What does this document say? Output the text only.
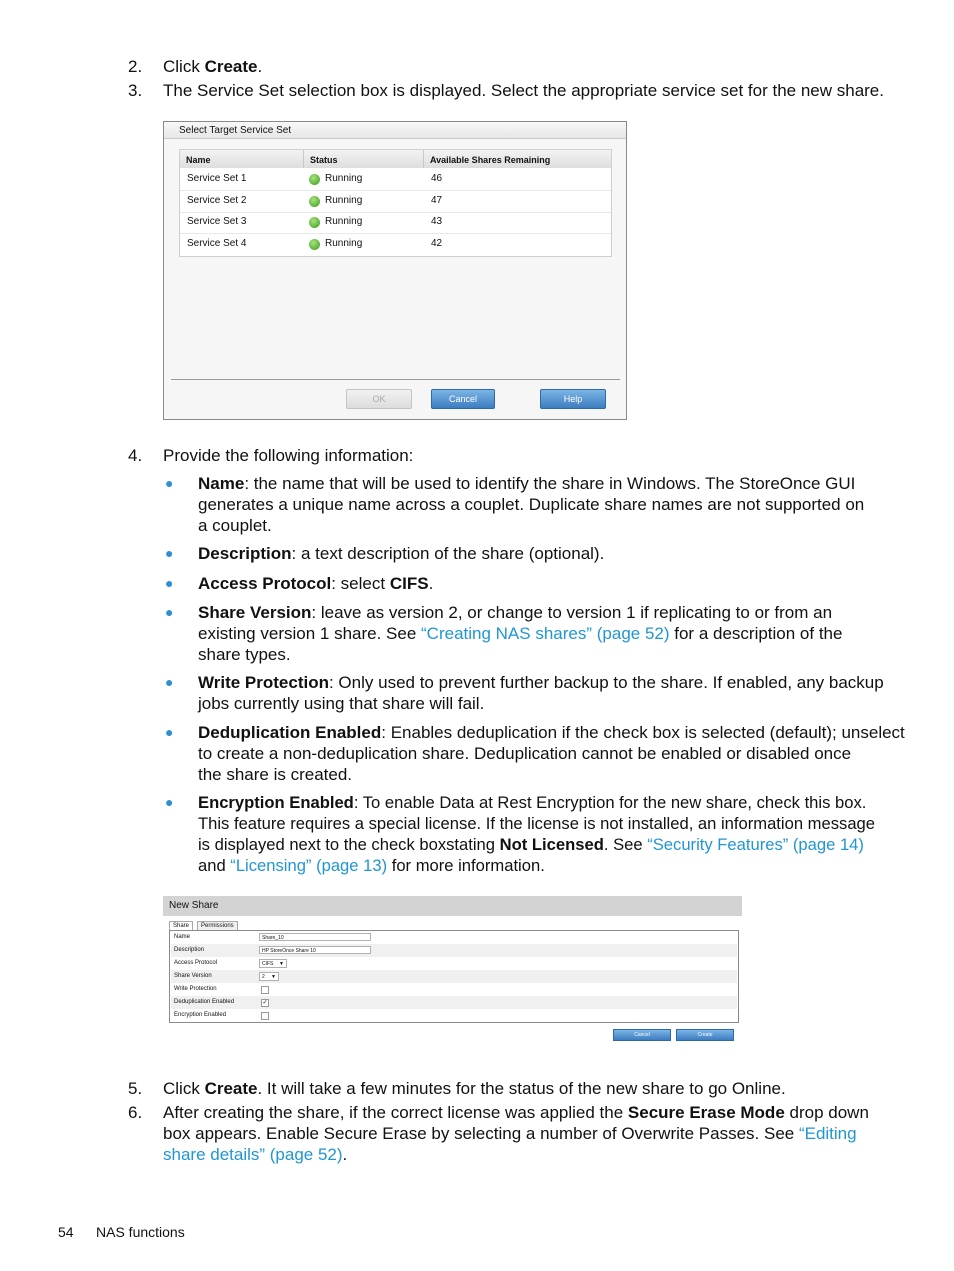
2. Click Create.
3. The Service Set selection box is displayed. Select the appropriate service set for the new share.
Select Target Service Set
Name	Status	Available Shares Remaining
Service Set 1	Running	46
Service Set 2	Running	47
Service Set 3	Running	43
Service Set 4	Running	42
OK	Cancel	Help
4. Provide the following information:
● Name: the name that will be used to identify the share in Windows. The StoreOnce GUI
generates a unique name across a couplet. Duplicate share names are not supported on
a couplet.
● Description: a text description of the share (optional).
● Access Protocol: select CIFS.
● Share Version: leave as version 2, or change to version 1 if replicating to or from an
existing version 1 share. See “Creating NAS shares” (page 52) for a description of the
share types.
● Write Protection: Only used to prevent further backup to the share. If enabled, any backup
jobs currently using that share will fail.
● Deduplication Enabled: Enables deduplication if the check box is selected (default); unselect
to create a non-deduplication share. Deduplication cannot be enabled or disabled once
the share is created.
● Encryption Enabled: To enable Data at Rest Encryption for the new share, check this box.
This feature requires a special license. If the license is not installed, an information message
is displayed next to the check boxstating Not Licensed. See “Security Features” (page 14)
and “Licensing” (page 13) for more information.
New Share
Share	Permissions
Name	Share_10
Description	HP StoreOnce Share 10
Access Protocol	CIFS ▼
Share Version	2 ▼
Write Protection
Deduplication Enabled	✓
Encryption Enabled
Cancel	Create
5. Click Create. It will take a few minutes for the status of the new share to go Online.
6. After creating the share, if the correct license was applied the Secure Erase Mode drop down
box appears. Enable Secure Erase by selecting a number of Overwrite Passes. See “Editing
share details” (page 52).
54 NAS functions
